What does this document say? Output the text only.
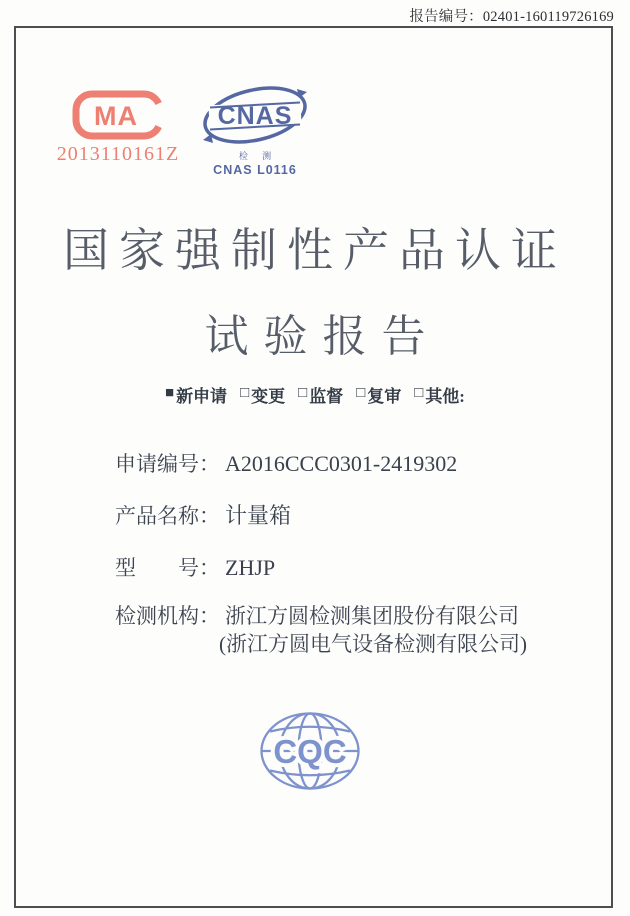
报告编号：02401-160119726169
MA
2013110161Z
CNAS
检 测
CNAS L0116
国家强制性产品认证
试验报告
■ 新申请 □ 变更 □ 监督 □ 复审 □ 其他:
申请编号： A2016CCC0301-2419302
产品名称： 计量箱
型　　号： ZHJP
检测机构： 浙江方圆检测集团股份有限公司
(浙江方圆电气设备检测有限公司)
CQC
